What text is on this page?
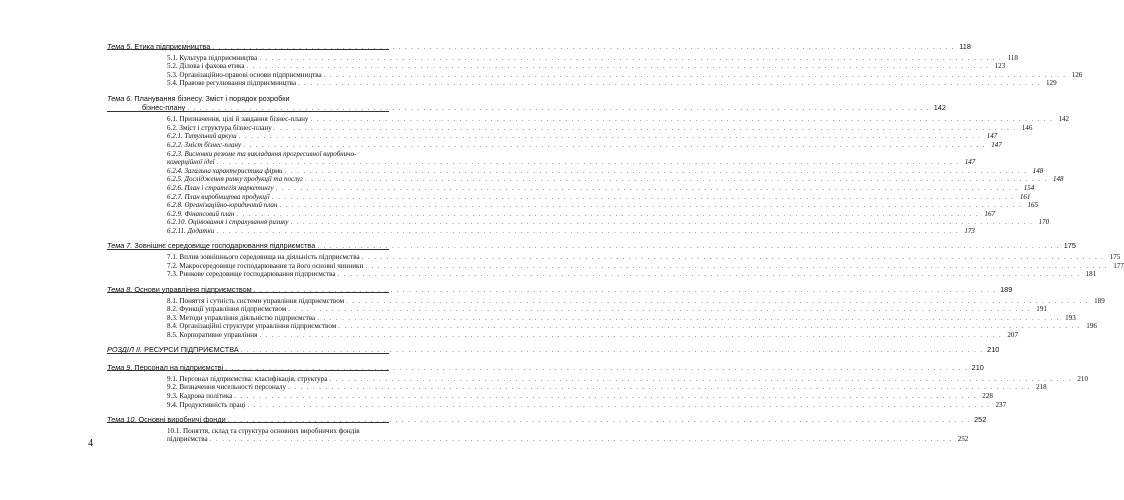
Тема 5. Етика підприємництва . . . . . . . . . . . . . . . . . . . . . . . . . . . . . . . . . . . . . . . . . . . . . . . . . . . . . . . . . . . . . . . . . . . . . . . . . . . . . . . . . . . . . . . . . . . . . . . . . . . . . . . . . . . . . . . . . . . . . . . . 118
5.1. Культура підприємництва . . . . . . . . . . . . . . . . . . . . . . . . . . . . . . . . . . . . . . . . . . . . . . . . . . . . . . . . . . . . . . . . . . . . . . . . . . . . . . . . . . . . . . . . . . . . . . . . . . . . . . . . . . . . . . . . . . . . . . . . 118
5.2. Ділова і фахова етика . . . . . . . . . . . . . . . . . . . . . . . . . . . . . . . . . . . . . . . . . . . . . . . . . . . . . . . . . . . . . . . . . . . . . . . . . . . . . . . . . . . . . . . . . . . . . . . . . . . . . . . . . . . . . . . . . . . . . . . . 123
5.3. Організаційно-правові основи підприємництва . . . . . . . . . . . . . . . . . . . . . . . . . . . . . . . . . . . . . . . . . . . . . . . . . . . . . . . . . . . . . . . . . . . . . . . . . . . . . . . . . . . . . . . . . . . . . . . . . . . . . . . . . . . . . . . . . . . . . . . . 126
5.4. Правове регулювання підприємництва . . . . . . . . . . . . . . . . . . . . . . . . . . . . . . . . . . . . . . . . . . . . . . . . . . . . . . . . . . . . . . . . . . . . . . . . . . . . . . . . . . . . . . . . . . . . . . . . . . . . . . . . . . . . . . . . . . . . . . . . 129
Тема 6. Планування бізнесу. Зміст і порядок розробки
бізнес-плану . . . . . . . . . . . . . . . . . . . . . . . . . . . . . . . . . . . . . . . . . . . . . . . . . . . . . . . . . . . . . . . . . . . . . . . . . . . . . . . . . . . . . . . . . . . . . . . . . . . . . . . . . . . . . . . . . . . . . . . . 142
6.1. Призначення, цілі й завдання бізнес-плану . . . . . . . . . . . . . . . . . . . . . . . . . . . . . . . . . . . . . . . . . . . . . . . . . . . . . . . . . . . . . . . . . . . . . . . . . . . . . . . . . . . . . . . . . . . . . . . . . . . . . . . . . . . . . . . . . . . . . . . . 142
6.2. Зміст і структура бізнес-плану . . . . . . . . . . . . . . . . . . . . . . . . . . . . . . . . . . . . . . . . . . . . . . . . . . . . . . . . . . . . . . . . . . . . . . . . . . . . . . . . . . . . . . . . . . . . . . . . . . . . . . . . . . . . . . . . . . . . . . . . 146
6.2.1. Титульний аркуш . . . . . . . . . . . . . . . . . . . . . . . . . . . . . . . . . . . . . . . . . . . . . . . . . . . . . . . . . . . . . . . . . . . . . . . . . . . . . . . . . . . . . . . . . . . . . . . . . . . . . . . . . . . . . . . . . . . . . . . . 147
6.2.2. Зміст бізнес-плану . . . . . . . . . . . . . . . . . . . . . . . . . . . . . . . . . . . . . . . . . . . . . . . . . . . . . . . . . . . . . . . . . . . . . . . . . . . . . . . . . . . . . . . . . . . . . . . . . . . . . . . . . . . . . . . . . . . . . . . . 147
6.2.3. Висновки резюме та викладання прогресивної виробничо-
комерційної ідеї . . . . . . . . . . . . . . . . . . . . . . . . . . . . . . . . . . . . . . . . . . . . . . . . . . . . . . . . . . . . . . . . . . . . . . . . . . . . . . . . . . . . . . . . . . . . . . . . . . . . . . . . . . . . . . . . . . . . . . . . 147
6.2.4. Загальна характеристика фірми . . . . . . . . . . . . . . . . . . . . . . . . . . . . . . . . . . . . . . . . . . . . . . . . . . . . . . . . . . . . . . . . . . . . . . . . . . . . . . . . . . . . . . . . . . . . . . . . . . . . . . . . . . . . . . . . . . . . . . . . 148
6.2.5. Дослідження ринку продукції та послуг . . . . . . . . . . . . . . . . . . . . . . . . . . . . . . . . . . . . . . . . . . . . . . . . . . . . . . . . . . . . . . . . . . . . . . . . . . . . . . . . . . . . . . . . . . . . . . . . . . . . . . . . . . . . . . . . . . . . . . . . 148
6.2.6. План і стратегія маркетингу . . . . . . . . . . . . . . . . . . . . . . . . . . . . . . . . . . . . . . . . . . . . . . . . . . . . . . . . . . . . . . . . . . . . . . . . . . . . . . . . . . . . . . . . . . . . . . . . . . . . . . . . . . . . . . . . . . . . . . . . 154
6.2.7. План виробництва продукції . . . . . . . . . . . . . . . . . . . . . . . . . . . . . . . . . . . . . . . . . . . . . . . . . . . . . . . . . . . . . . . . . . . . . . . . . . . . . . . . . . . . . . . . . . . . . . . . . . . . . . . . . . . . . . . . . . . . . . . . 161
6.2.8. Організаційно-юридичний план . . . . . . . . . . . . . . . . . . . . . . . . . . . . . . . . . . . . . . . . . . . . . . . . . . . . . . . . . . . . . . . . . . . . . . . . . . . . . . . . . . . . . . . . . . . . . . . . . . . . . . . . . . . . . . . . . . . . . . . . 165
6.2.9. Фінансовий план . . . . . . . . . . . . . . . . . . . . . . . . . . . . . . . . . . . . . . . . . . . . . . . . . . . . . . . . . . . . . . . . . . . . . . . . . . . . . . . . . . . . . . . . . . . . . . . . . . . . . . . . . . . . . . . . . . . . . . . . 167
6.2.10. Оцінювання і страхування ризику . . . . . . . . . . . . . . . . . . . . . . . . . . . . . . . . . . . . . . . . . . . . . . . . . . . . . . . . . . . . . . . . . . . . . . . . . . . . . . . . . . . . . . . . . . . . . . . . . . . . . . . . . . . . . . . . . . . . . . . . 170
6.2.11. Додатки . . . . . . . . . . . . . . . . . . . . . . . . . . . . . . . . . . . . . . . . . . . . . . . . . . . . . . . . . . . . . . . . . . . . . . . . . . . . . . . . . . . . . . . . . . . . . . . . . . . . . . . . . . . . . . . . . . . . . . . . 173
Тема 7. Зовнішнє середовище господарювання підприємства . . . . . . . . . . . . . . . . . . . . . . . . . . . . . . . . . . . . . . . . . . . . . . . . . . . . . . . . . . . . . . . . . . . . . . . . . . . . . . . . . . . . . . . . . . . . . . . . . . . . . . . . . . . . . . . . . . . . . . . . 175
7.1. Вплив зовнішнього середовища на діяльність підприємства . . . . . . . . . . . . . . . . . . . . . . . . . . . . . . . . . . . . . . . . . . . . . . . . . . . . . . . . . . . . . . . . . . . . . . . . . . . . . . . . . . . . . . . . . . . . . . . . . . . . . . . . . . . . . . . . . . . . . . . . 175
7.2. Макросередовище господарювання та його основні чинники . . . . . . . . . . . . . . . . . . . . . . . . . . . . . . . . . . . . . . . . . . . . . . . . . . . . . . . . . . . . . . . . . . . . . . . . . . . . . . . . . . . . . . . . . . . . . . . . . . . . . . . . . . . . . . . . . . . . . . . . 177
7.3. Ринкове середовище господарювання підприємства . . . . . . . . . . . . . . . . . . . . . . . . . . . . . . . . . . . . . . . . . . . . . . . . . . . . . . . . . . . . . . . . . . . . . . . . . . . . . . . . . . . . . . . . . . . . . . . . . . . . . . . . . . . . . . . . . . . . . . . . 181
Тема 8. Основи управління підприємством . . . . . . . . . . . . . . . . . . . . . . . . . . . . . . . . . . . . . . . . . . . . . . . . . . . . . . . . . . . . . . . . . . . . . . . . . . . . . . . . . . . . . . . . . . . . . . . . . . . . . . . . . . . . . . . . . . . . . . . . 189
8.1. Поняття і сутність системи управління підприємством . . . . . . . . . . . . . . . . . . . . . . . . . . . . . . . . . . . . . . . . . . . . . . . . . . . . . . . . . . . . . . . . . . . . . . . . . . . . . . . . . . . . . . . . . . . . . . . . . . . . . . . . . . . . . . . . . . . . . . . . 189
8.2. Функції управління підприємством . . . . . . . . . . . . . . . . . . . . . . . . . . . . . . . . . . . . . . . . . . . . . . . . . . . . . . . . . . . . . . . . . . . . . . . . . . . . . . . . . . . . . . . . . . . . . . . . . . . . . . . . . . . . . . . . . . . . . . . . 191
8.3. Методи управління діяльністю підприємства . . . . . . . . . . . . . . . . . . . . . . . . . . . . . . . . . . . . . . . . . . . . . . . . . . . . . . . . . . . . . . . . . . . . . . . . . . . . . . . . . . . . . . . . . . . . . . . . . . . . . . . . . . . . . . . . . . . . . . . . 193
8.4. Організаційні структури управління підприємством . . . . . . . . . . . . . . . . . . . . . . . . . . . . . . . . . . . . . . . . . . . . . . . . . . . . . . . . . . . . . . . . . . . . . . . . . . . . . . . . . . . . . . . . . . . . . . . . . . . . . . . . . . . . . . . . . . . . . . . . 196
8.5. Корпоративне управління . . . . . . . . . . . . . . . . . . . . . . . . . . . . . . . . . . . . . . . . . . . . . . . . . . . . . . . . . . . . . . . . . . . . . . . . . . . . . . . . . . . . . . . . . . . . . . . . . . . . . . . . . . . . . . . . . . . . . . . . 207
РОЗДІЛ II. РЕСУРСИ ПІДПРИЄМСТВА . . . . . . . . . . . . . . . . . . . . . . . . . . . . . . . . . . . . . . . . . . . . . . . . . . . . . . . . . . . . . . . . . . . . . . . . . . . . . . . . . . . . . . . . . . . . . . . . . . . . . . . . . . . . . . . . . . . . . . . . 210
Тема 9. Персонал на підприємстві . . . . . . . . . . . . . . . . . . . . . . . . . . . . . . . . . . . . . . . . . . . . . . . . . . . . . . . . . . . . . . . . . . . . . . . . . . . . . . . . . . . . . . . . . . . . . . . . . . . . . . . . . . . . . . . . . . . . . . . . 210
9.1. Персонал підприємства: класифікація, структура . . . . . . . . . . . . . . . . . . . . . . . . . . . . . . . . . . . . . . . . . . . . . . . . . . . . . . . . . . . . . . . . . . . . . . . . . . . . . . . . . . . . . . . . . . . . . . . . . . . . . . . . . . . . . . . . . . . . . . . . 210
9.2. Визначення чисельності персоналу . . . . . . . . . . . . . . . . . . . . . . . . . . . . . . . . . . . . . . . . . . . . . . . . . . . . . . . . . . . . . . . . . . . . . . . . . . . . . . . . . . . . . . . . . . . . . . . . . . . . . . . . . . . . . . . . . . . . . . . . 218
9.3. Кадрова політика . . . . . . . . . . . . . . . . . . . . . . . . . . . . . . . . . . . . . . . . . . . . . . . . . . . . . . . . . . . . . . . . . . . . . . . . . . . . . . . . . . . . . . . . . . . . . . . . . . . . . . . . . . . . . . . . . . . . . . . . 228
9.4. Продуктивність праці . . . . . . . . . . . . . . . . . . . . . . . . . . . . . . . . . . . . . . . . . . . . . . . . . . . . . . . . . . . . . . . . . . . . . . . . . . . . . . . . . . . . . . . . . . . . . . . . . . . . . . . . . . . . . . . . . . . . . . . . 237
Тема 10. Основні виробничі фонди . . . . . . . . . . . . . . . . . . . . . . . . . . . . . . . . . . . . . . . . . . . . . . . . . . . . . . . . . . . . . . . . . . . . . . . . . . . . . . . . . . . . . . . . . . . . . . . . . . . . . . . . . . . . . . . . . . . . . . . . 252
10.1. Поняття, склад та структура основних виробничих фондів
підприємства . . . . . . . . . . . . . . . . . . . . . . . . . . . . . . . . . . . . . . . . . . . . . . . . . . . . . . . . . . . . . . . . . . . . . . . . . . . . . . . . . . . . . . . . . . . . . . . . . . . . . . . . . . . . . . . . . . . . . . . . 252
4
